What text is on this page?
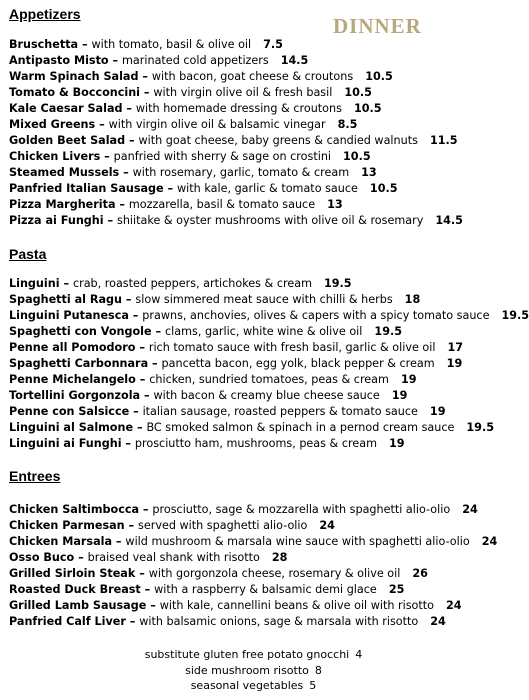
DINNER
Appetizers
Bruschetta – with tomato, basil & olive oil 7.5
Antipasto Misto – marinated cold appetizers 14.5
Warm Spinach Salad – with bacon, goat cheese & croutons 10.5
Tomato & Bocconcini – with virgin olive oil & fresh basil 10.5
Kale Caesar Salad – with homemade dressing & croutons 10.5
Mixed Greens – with virgin olive oil & balsamic vinegar 8.5
Golden Beet Salad – with goat cheese, baby greens & candied walnuts 11.5
Chicken Livers – panfried with sherry & sage on crostini 10.5
Steamed Mussels – with rosemary, garlic, tomato & cream 13
Panfried Italian Sausage – with kale, garlic & tomato sauce 10.5
Pizza Margherita – mozzarella, basil & tomato sauce 13
Pizza ai Funghi – shiitake & oyster mushrooms with olive oil & rosemary 14.5
Pasta
Linguini – crab, roasted peppers, artichokes & cream 19.5
Spaghetti al Ragu – slow simmered meat sauce with chilli & herbs 18
Linguini Putanesca – prawns, anchovies, olives & capers with a spicy tomato sauce 19.5
Spaghetti con Vongole – clams, garlic, white wine & olive oil 19.5
Penne all Pomodoro – rich tomato sauce with fresh basil, garlic & olive oil 17
Spaghetti Carbonnara – pancetta bacon, egg yolk, black pepper & cream 19
Penne Michelangelo – chicken, sundried tomatoes, peas & cream 19
Tortellini Gorgonzola – with bacon & creamy blue cheese sauce 19
Penne con Salsicce – italian sausage, roasted peppers & tomato sauce 19
Linguini al Salmone – BC smoked salmon & spinach in a pernod cream sauce 19.5
Linguini ai Funghi – prosciutto ham, mushrooms, peas & cream 19
Entrees
Chicken Saltimbocca – prosciutto, sage & mozzarella with spaghetti alio-olio 24
Chicken Parmesan – served with spaghetti alio-olio 24
Chicken Marsala – wild mushroom & marsala wine sauce with spaghetti alio-olio 24
Osso Buco – braised veal shank with risotto 28
Grilled Sirloin Steak – with gorgonzola cheese, rosemary & olive oil 26
Roasted Duck Breast – with a raspberry & balsamic demi glace 25
Grilled Lamb Sausage – with kale, cannellini beans & olive oil with risotto 24
Panfried Calf Liver – with balsamic onions, sage & marsala with risotto 24
substitute gluten free potato gnocchi 4
side mushroom risotto 8
seasonal vegetables 5
